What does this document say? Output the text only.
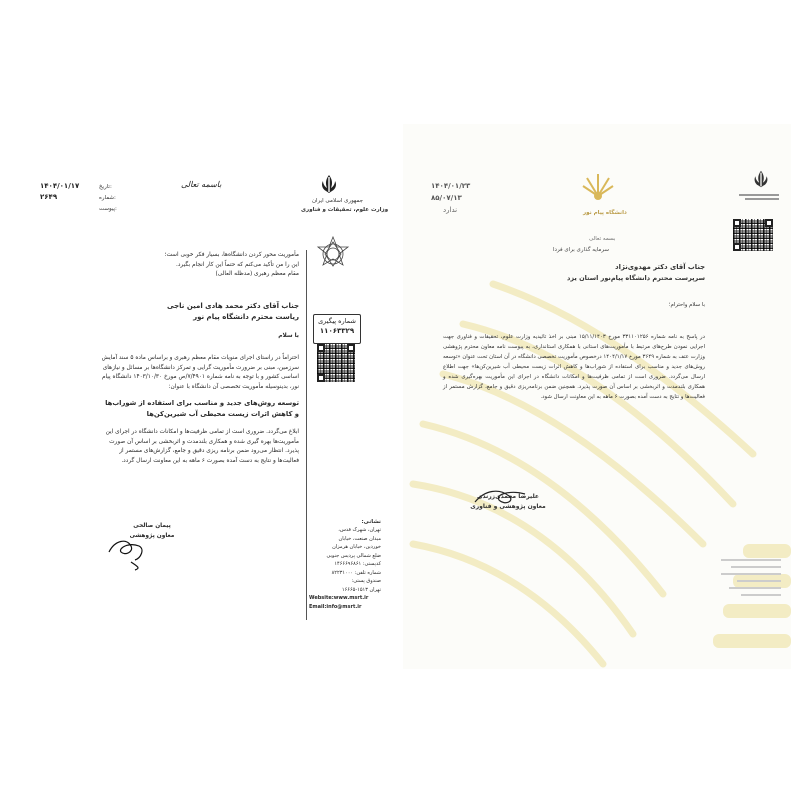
جمهوری اسلامی ایران
وزارت علوم، تحقیقات و فناوری
باسمه تعالی
تاریخ:
۱۴۰۴/۰۱/۱۷
شماره:
۲۶۴۹
پیوست:

مأموریت محور کردن دانشگاه‌ها، بسیار فکر خوبی است؛

این را من تأکید می‌کنم که حتماً این کار انجام بگیرد.

مقام معظم رهبری (مدظله العالی)

جناب آقای دکتر محمد هادی امین ناجی

ریاست محترم دانشگاه پیام نور

با سلام

شماره پیگیری
۱۱۰۶۳۳۲۹

احتراماً در راستای اجرای منویات مقام معظم رهبری و براساس ماده ۵ سند آمایش سرزمین، مبنی بر ضرورت مأموریت گرایی و تمرکز دانشگاه‌ها بر مسائل و نیازهای اساسی کشور و با توجه به نامه شماره ۷/۴۹۰۱/ص مورخ ۱۴۰۳/۱۰/۳۰ دانشگاه پیام نور، بدینوسیله مأموریت تخصصی آن دانشگاه با عنوان:

توسعه روش‌های جدید و مناسب برای استفاده از شوراب‌ها و کاهش اثرات زیست محیطی آب شیرین‌کن‌ها

ابلاغ می‌گردد. ضروری است از تمامی ظرفیت‌ها و امکانات دانشگاه در اجرای این مأموریت‌ها بهره گیری شده و همکاری بلندمدت و اثربخشی بر اساس آن صورت پذیرد. انتظار می‌رود ضمن برنامه ریزی دقیق و جامع، گزارش‌های مستمر از فعالیت‌ها و نتایج به دست آمده بصورت ۶ ماهه به این معاونت ارسال گردد.

پیمان صالحی
معاون پژوهشی
نشانی:
تهران، شهرک قدس،
میدان صنعت، خیابان
خوردین، خیابان هرمزان
ضلع شمالی پردیس جنوبی
کدپستی: ۱۴۶۶۶۹۶۸۶۱
شماره تلفن: ۸۲۲۳۱۰۰۰
صندوق پستی:
تهران ۱۵۱۳-۱۶۶۶۵
Website:www.msrt.ir
Email:info@msrt.ir
بسمه تعالی
دانشگاه پیام نور
سرمایه گذاری برای فردا
۱۴۰۴/۰۱/۲۳
۸۵/۰۷/۱۳
ندارد

جناب آقای دکتر مهدوی‌نژاد

سرپرست محترم دانشگاه پیام‌نور استان یزد

با سلام واحترام؛

در پاسخ به نامه شماره ۳۳۱۱۰۱۲۵۶ مورخ ۱۵/۱۱/۱۴۰۳ مبنی بر اخذ تائیدیه وزارت علوم، تحقیقات و فناوری جهت اجرایی نمودن طرح‌های مرتبط با مأموریت‌های استانی با همکاری استانداری، به پیوست نامه معاون محترم پژوهشی وزارت عتف به شماره ۳۶۴۹ مورخ ۱۴۰۴/۱/۱۷ درخصوص مأموریت تخصصی دانشگاه در آن استان تحت عنوان «توسعه روش‌های جدید و مناسب برای استفاده از شوراب‌ها و کاهش اثرات زیست محیطی آب شیرین‌کن‌ها» جهت اطلاع ارسال می‌گردد. ضروری است از تمامی ظرفیت‌ها و امکانات دانشگاه در اجرای این مأموریت بهره‌گیری شده و همکاری بلندمدت و اثربخشی بر اساس آن صورت پذیرد. همچنین ضمن برنامه‌ریزی دقیق و جامع، گزارش مستمر از فعالیت‌ها و نتایج به دست آمده بصورت ۶ ماهه به این معاونت ارسال شود.

علیرضا محمدی‌زرندی
معاون پژوهشی و فناوری
